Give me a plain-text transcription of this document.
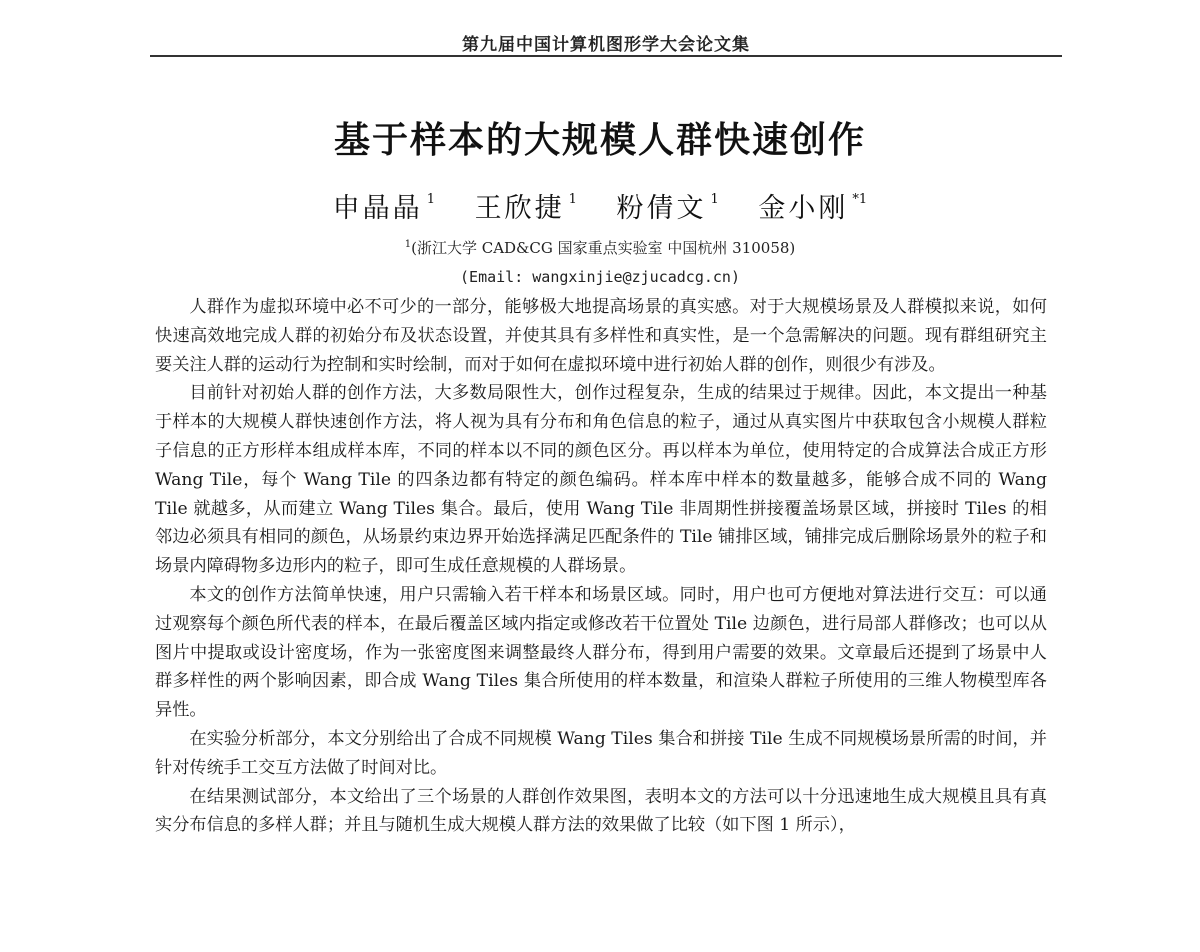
第九届中国计算机图形学大会论文集
基于样本的大规模人群快速创作
申晶晶 $^1$ 王欣捷 $^1$ 粉倩文 $^1$ 金小刚 $^{*1}$
$^1$(浙江大学 CAD&CG 国家重点实验室 中国杭州 310058)
(Email: wangxinjie@zjucadcg.cn)

人群作为虚拟环境中必不可少的一部分，能够极大地提高场景的真实感。对于大规模场景及人群模拟来说，如何快速高效地完成人群的初始分布及状态设置，并使其具有多样性和真实性，是一个急需解决的问题。现有群组研究主要关注人群的运动行为控制和实时绘制，而对于如何在虚拟环境中进行初始人群的创作，则很少有涉及。

目前针对初始人群的创作方法，大多数局限性大，创作过程复杂，生成的结果过于规律。因此，本文提出一种基于样本的大规模人群快速创作方法，将人视为具有分布和角色信息的粒子，通过从真实图片中获取包含小规模人群粒子信息的正方形样本组成样本库，不同的样本以不同的颜色区分。再以样本为单位，使用特定的合成算法合成正方形 Wang Tile，每个 Wang Tile 的四条边都有特定的颜色编码。样本库中样本的数量越多，能够合成不同的 Wang Tile 就越多，从而建立 Wang Tiles 集合。最后，使用 Wang Tile 非周期性拼接覆盖场景区域，拼接时 Tiles 的相邻边必须具有相同的颜色，从场景约束边界开始选择满足匹配条件的 Tile 铺排区域，铺排完成后删除场景外的粒子和场景内障碍物多边形内的粒子，即可生成任意规模的人群场景。

本文的创作方法简单快速，用户只需输入若干样本和场景区域。同时，用户也可方便地对算法进行交互：可以通过观察每个颜色所代表的样本，在最后覆盖区域内指定或修改若干位置处 Tile 边颜色，进行局部人群修改；也可以从图片中提取或设计密度场，作为一张密度图来调整最终人群分布，得到用户需要的效果。文章最后还提到了场景中人群多样性的两个影响因素，即合成 Wang Tiles 集合所使用的样本数量，和渲染人群粒子所使用的三维人物模型库各异性。

在实验分析部分，本文分别给出了合成不同规模 Wang Tiles 集合和拼接 Tile 生成不同规模场景所需的时间，并针对传统手工交互方法做了时间对比。

在结果测试部分，本文给出了三个场景的人群创作效果图，表明本文的方法可以十分迅速地生成大规模且具有真实分布信息的多样人群；并且与随机生成大规模人群方法的效果做了比较（如下图 1 所示），
